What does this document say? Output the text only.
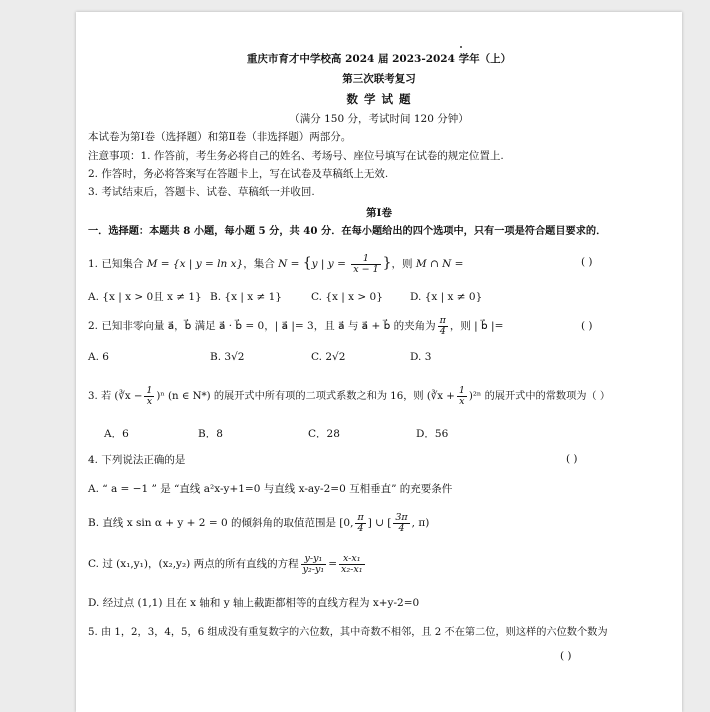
重庆市育才中学校高 2024 届 2023-2024 学年（上）
第三次联考复习
数 学 试 题
（满分 150 分，考试时间 120 分钟）
本试卷为第Ⅰ卷（选择题）和第Ⅱ卷（非选择题）两部分。
注意事项：1. 作答前，考生务必将自己的姓名、考场号、座位号填写在试卷的规定位置上.
2. 作答时，务必将答案写在答题卡上，写在试卷及草稿纸上无效.
3. 考试结束后，答题卡、试卷、草稿纸一并收回.
第Ⅰ卷
一．选择题：本题共 8 小题，每小题 5 分，共 40 分．在每小题给出的四个选项中，只有一项是符合题目要求的．
1. 已知集合 M = {x | y = ln x}，集合 N = {y | $y = \frac{1}{x - 1}$ }，则 M ∩ N =	( )
A. {x | x > 0且 x ≠ 1} B. {x | x ≠ 1}	C. {x | x > 0}	D. {x | x ≠ 0}
2. 已知非零向量 a⃗，b⃗ 满足 a⃗ · b⃗ = 0，| a⃗ |= 3，且 a⃗ 与 a⃗ + b⃗ 的夹角为 $\frac{\pi}{4}$ ，则 | b⃗ |=	( )
A. 6	B. 3√2	C. 2√2	D. 3
3. 若 (∛x − $\frac{1}{x} )^n$ (n ∈ N*) 的展开式中所有项的二项式系数之和为 16，则 (∛x + $\frac{1}{x} )^{2n}$ 的展开式中的常数项为（ ）
A．6	B．8	C．28	D．56
4. 下列说法正确的是	( )
A. “ a = −1 ” 是 “直线 a²x-y+1=0 与直线 x-ay-2=0 互相垂直” 的充要条件
B. 直线 x sin α + y + 2 = 0 的倾斜角的取值范围是 [0, $\frac{\pi}{4}$ ] ∪ [ $\frac{3\pi}{4}$ , π)
C. 过 (x₁,y₁)，(x₂,y₂) 两点的所有直线的方程 $\frac{\text{y-y₁}}{\text{y₂-y₁}} = \frac{\text{x-x₁}}{\text{x₂-x₁}}$
D. 经过点 (1,1) 且在 x 轴和 y 轴上截距都相等的直线方程为 x+y-2=0
5. 由 1，2，3，4，5，6 组成没有重复数字的六位数，其中奇数不相邻，且 2 不在第二位，则这样的六位数个数为
( )
